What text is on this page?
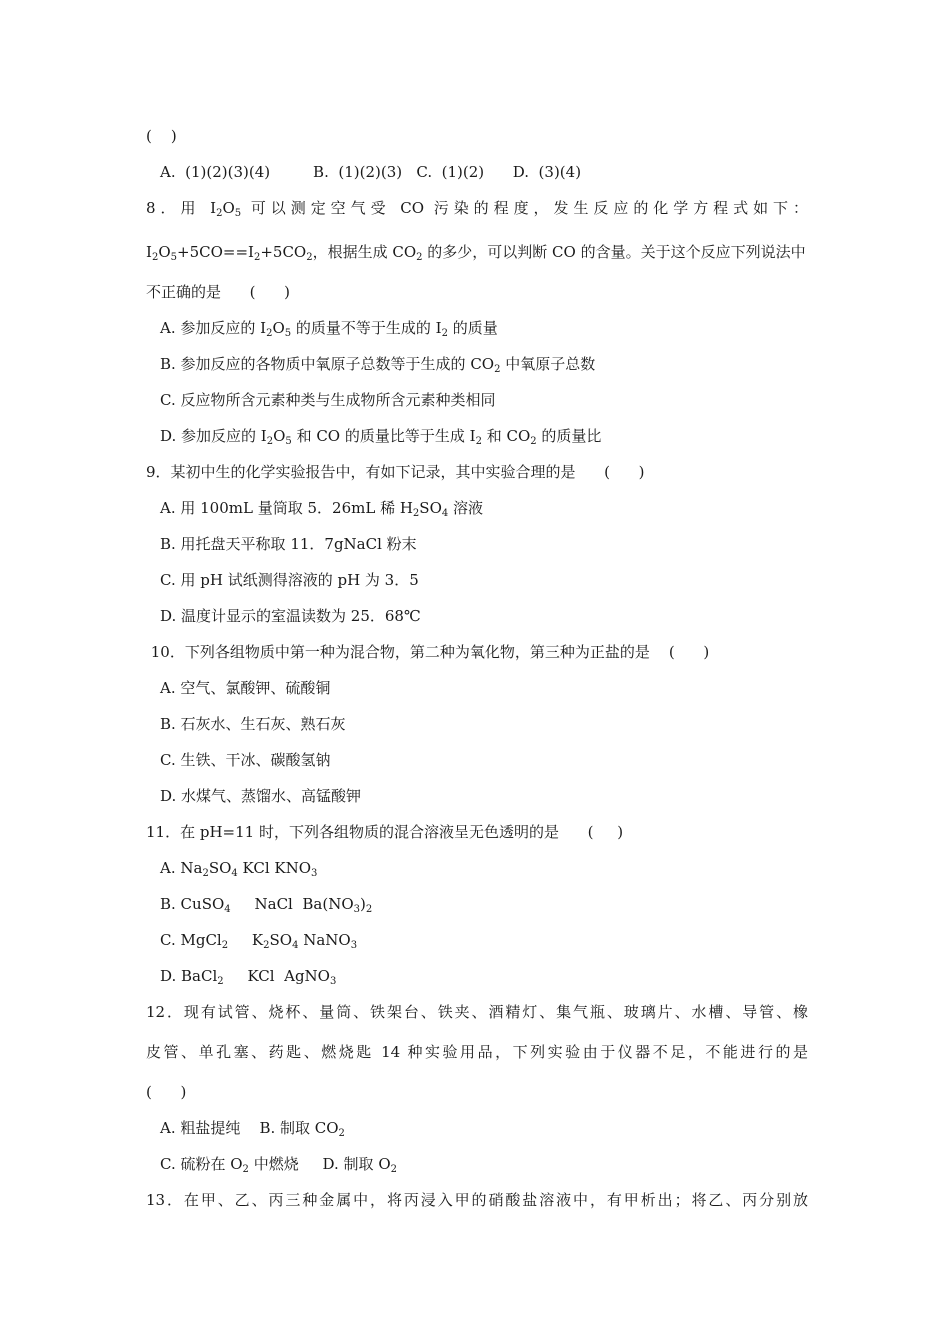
(    )
A.  (1)(2)(3)(4)         B.  (1)(2)(3)   C.  (1)(2)      D.  (3)(4)
8．用 $I_2O_5$ 可以测定空气受 CO 污染的程度，发生反应的化学方程式如下：
$I_2O_5+5CO==I_2+5CO_2$，根据生成 $CO_2$ 的多少，可以判断 CO 的含量。关于这个反应下列说法中
不正确的是      (      )
A. 参加反应的 $I_2O_5$ 的质量不等于生成的 $I_2$ 的质量
B. 参加反应的各物质中氧原子总数等于生成的 $CO_2$ 中氧原子总数
C. 反应物所含元素种类与生成物所含元素种类相同
D. 参加反应的 $I_2O_5$ 和 CO 的质量比等于生成 $I_2$ 和 $CO_2$ 的质量比
9．某初中生的化学实验报告中，有如下记录，其中实验合理的是      (      )
A. 用 100mL 量筒取 5．26mL 稀 $H_2SO_4$ 溶液
B. 用托盘天平称取 11．7gNaCl 粉末
C. 用 pH 试纸测得溶液的 pH 为 3．5
D. 温度计显示的室温读数为 25．68℃
10．下列各组物质中第一种为混合物，第二种为氧化物，第三种为正盐的是    (      )
A. 空气、氯酸钾、硫酸铜
B. 石灰水、生石灰、熟石灰
C. 生铁、干冰、碳酸氢钠
D. 水煤气、蒸馏水、高锰酸钾
11．在 pH=11 时，下列各组物质的混合溶液呈无色透明的是      (     )
A. $Na_2SO_4$ KCl $KNO_3$
B. CuSO$_4$     NaCl  $Ba(NO_3)_2$
C. MgCl$_2$     $K_2SO_4$ NaNO$_3$
D. BaCl$_2$     KCl  AgNO$_3$
12．现有试管、烧杯、量筒、铁架台、铁夹、酒精灯、集气瓶、玻璃片、水槽、导管、橡
皮管、单孔塞、药匙、燃烧匙 14 种实验用品，下列实验由于仪器不足，不能进行的是
(      )
A. 粗盐提纯    B. 制取 $CO_2$
C. 硫粉在 $O_2$ 中燃烧     D. 制取 $O_2$
13．在甲、乙、丙三种金属中，将丙浸入甲的硝酸盐溶液中，有甲析出；将乙、丙分别放
